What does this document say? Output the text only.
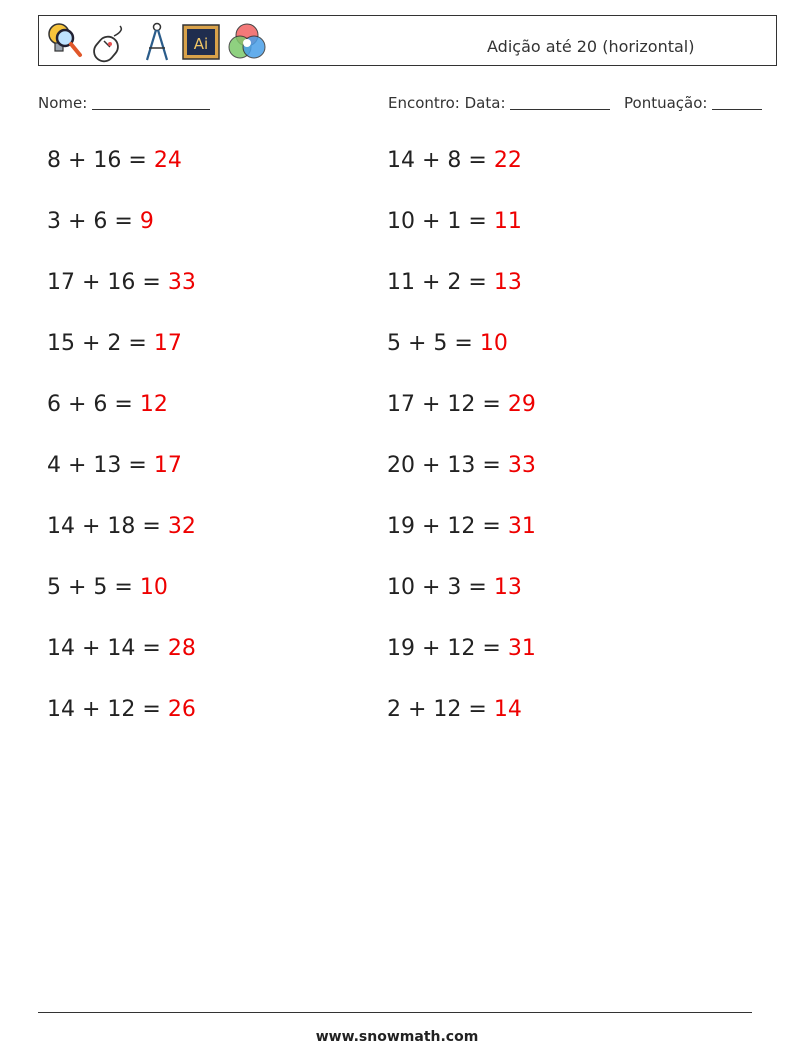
Ai	Adição até 20 (horizontal)
Nome:	Encontro: Data:	Pontuação:
8 + 16 = 24	14 + 8 = 22
3 + 6 = 9	10 + 1 = 11
17 + 16 = 33	11 + 2 = 13
15 + 2 = 17	5 + 5 = 10
6 + 6 = 12	17 + 12 = 29
4 + 13 = 17	20 + 13 = 33
14 + 18 = 32	19 + 12 = 31
5 + 5 = 10	10 + 3 = 13
14 + 14 = 28	19 + 12 = 31
14 + 12 = 26	2 + 12 = 14
www.snowmath.com
